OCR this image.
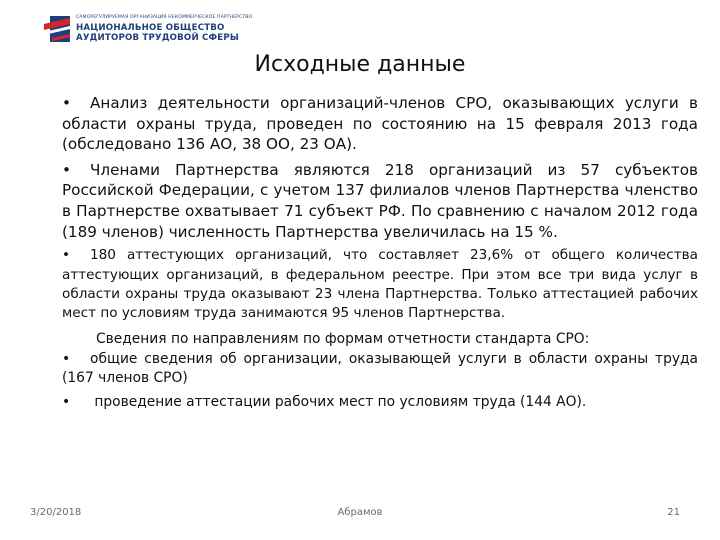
САМОРЕГУЛИРУЕМАЯ ОРГАНИЗАЦИЯ НЕКОММЕРЧЕСКОЕ ПАРТНЕРСТВО
НАЦИОНАЛЬНОЕ ОБЩЕСТВО
АУДИТОРОВ ТРУДОВОЙ СФЕРЫ
Исходные данные

• Анализ деятельности организаций-членов СРО, оказывающих услуги в области охраны труда, проведен по состоянию на 15 февраля 2013 года (обследовано 136 АО, 38 ОО, 23 ОА).

• Членами Партнерства являются 218 организаций из 57 субъектов Российской Федерации, с учетом 137 филиалов членов Партнерства членство в Партнерстве охватывает 71 субъект РФ. По сравнению с началом 2012 года (189 членов) численность Партнерства увеличилась на 15 %.

• 180 аттестующих организаций, что составляет 23,6% от общего количества аттестующих организаций, в федеральном реестре. При этом все три вида услуг в области охраны труда оказывают 23 члена Партнерства. Только аттестацией рабочих мест по условиям труда занимаются 95 членов Партнерства.

Сведения по направлениям по формам отчетности стандарта СРО:

• общие сведения об организации, оказывающей услуги в области охраны труда (167 членов СРО)

• проведение аттестации рабочих мест по условиям труда (144 АО).

3/20/2018	Абрамов	21
